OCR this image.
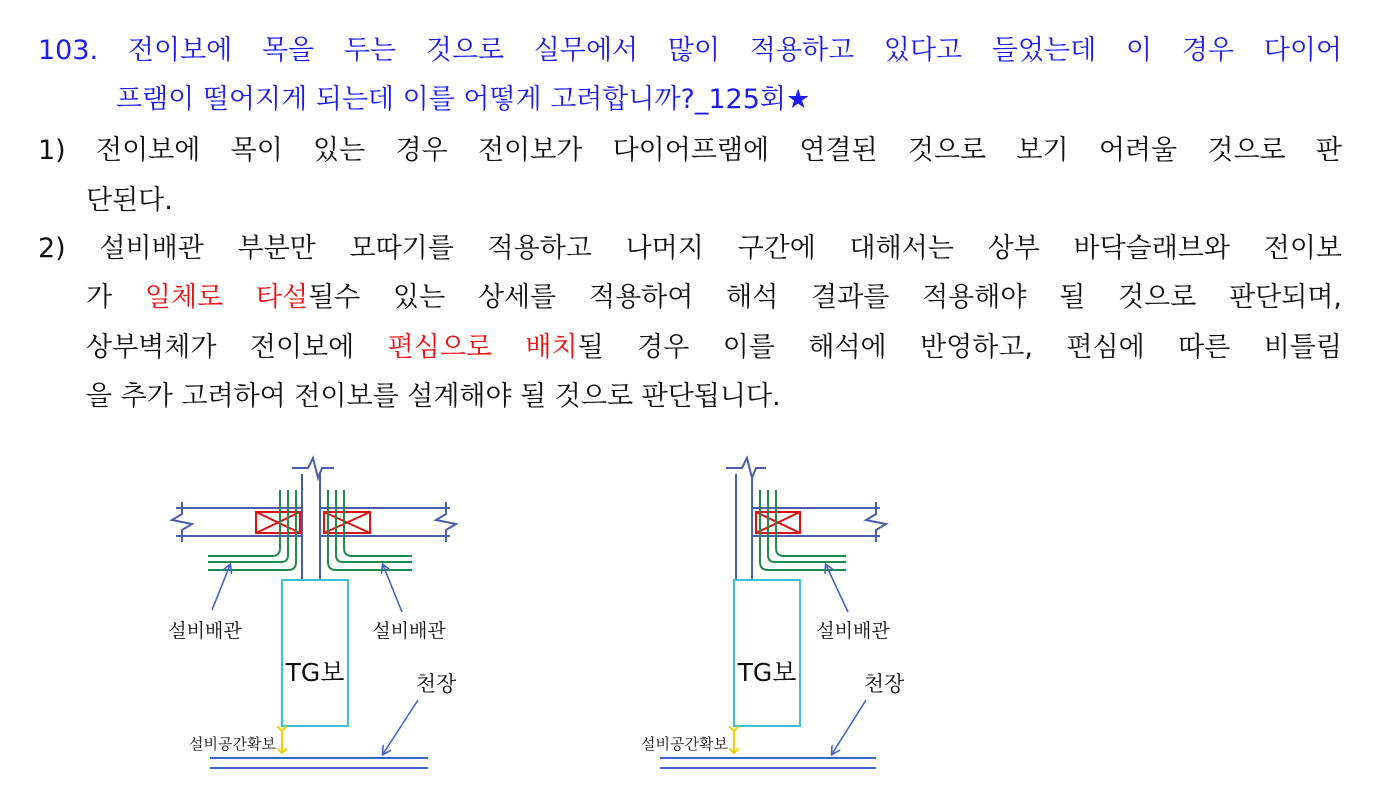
103. 전이보에 목을 두는 것으로 실무에서 많이 적용하고 있다고 들었는데 이 경우 다이어
프램이 떨어지게 되는데 이를 어떻게 고려합니까?_125회★
1) 전이보에 목이 있는 경우 전이보가 다이어프램에 연결된 것으로 보기 어려울 것으로 판
단된다.
2) 설비배관 부분만 모따기를 적용하고 나머지 구간에 대해서는 상부 바닥슬래브와 전이보
가 일체로 타설될수 있는 상세를 적용하여 해석 결과를 적용해야 될 것으로 판단되며,
상부벽체가 전이보에 편심으로 배치될 경우 이를 해석에 반영하고, 편심에 따른 비틀림
을 추가 고려하여 전이보를 설계해야 될 것으로 판단됩니다.
TG보
설비공간확보
설비배관	설비배관
천장	TG보
설비공간확보
설비배관
천장
